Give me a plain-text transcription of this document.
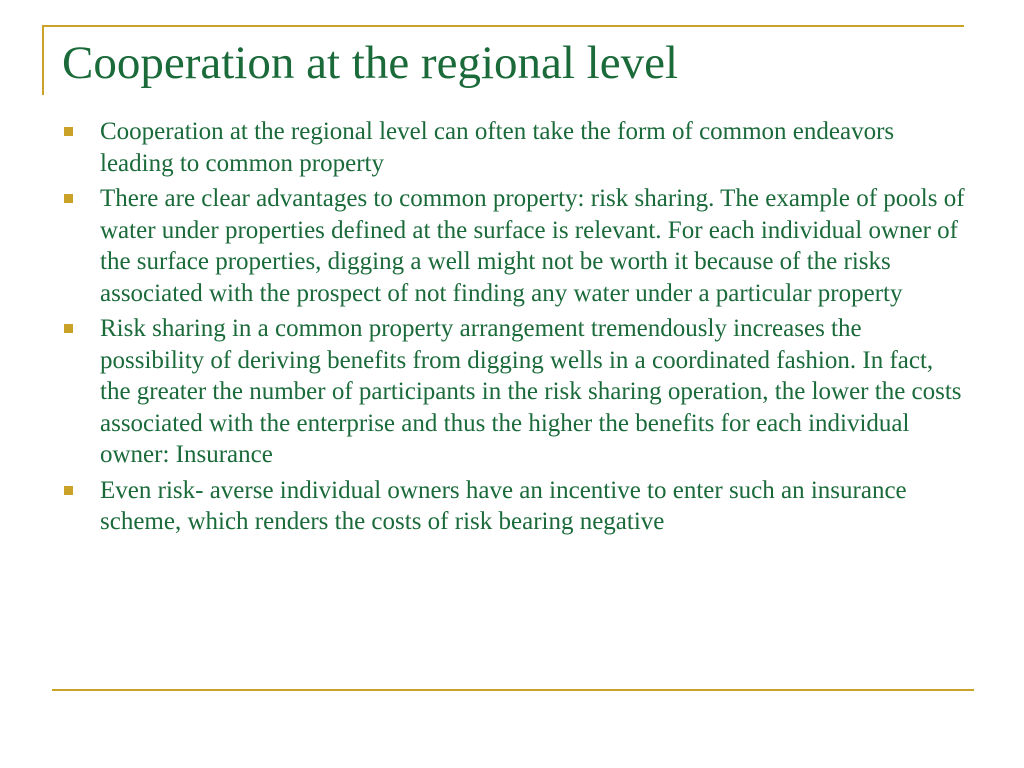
Cooperation at the regional level
Cooperation at the regional level can often take the form of common endeavors leading to common property
There are clear advantages to common property: risk sharing. The example of pools of water under properties defined at the surface is relevant. For each individual owner of the surface properties, digging a well might not be worth it because of the risks associated with the prospect of not finding any water under a particular property
Risk sharing in a common property arrangement tremendously increases the possibility of deriving benefits from digging wells in a coordinated fashion. In fact, the greater the number of participants in the risk sharing operation, the lower the costs associated with the enterprise and thus the higher the benefits for each individual owner: Insurance
Even risk- averse individual owners have an incentive to enter such an insurance scheme, which renders the costs of risk bearing negative
